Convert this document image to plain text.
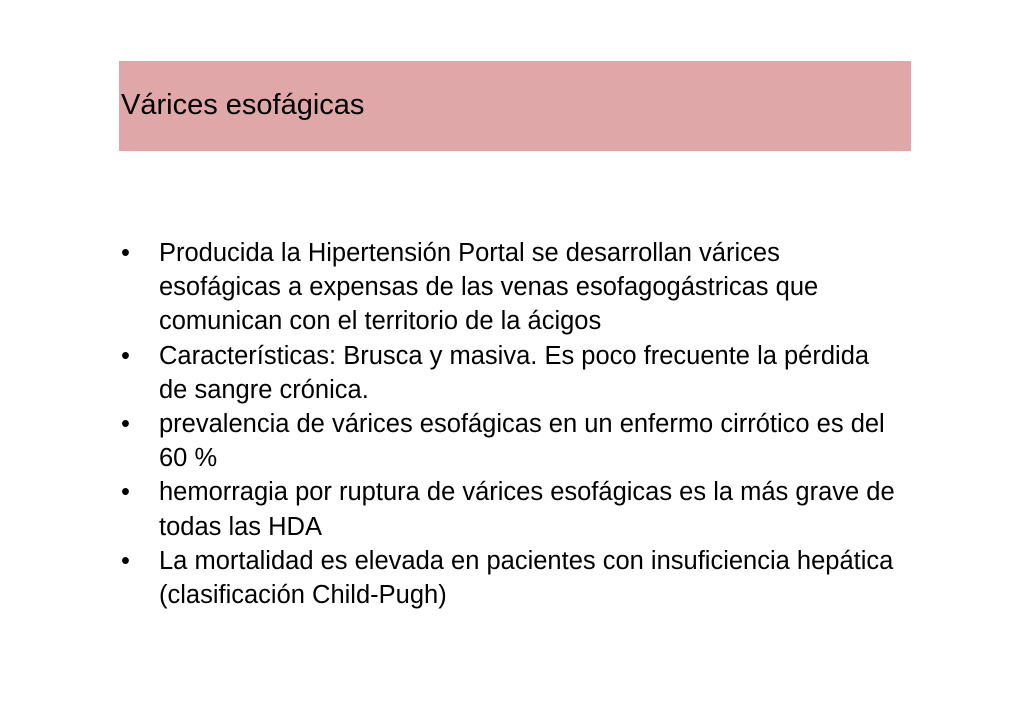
Várices esofágicas
•	Producida la Hipertensión Portal se desarrollan várices esofágicas a expensas de las venas esofagogástricas que comunican con el territorio de la ácigos
•	Características: Brusca y masiva. Es poco frecuente la pérdida de sangre crónica.
•	prevalencia de várices esofágicas en un enfermo cirrótico es del 60 %
•	hemorragia por ruptura de várices esofágicas es la más grave de todas las HDA
•	La mortalidad es elevada en pacientes con insuficiencia hepática (clasificación Child-Pugh)
